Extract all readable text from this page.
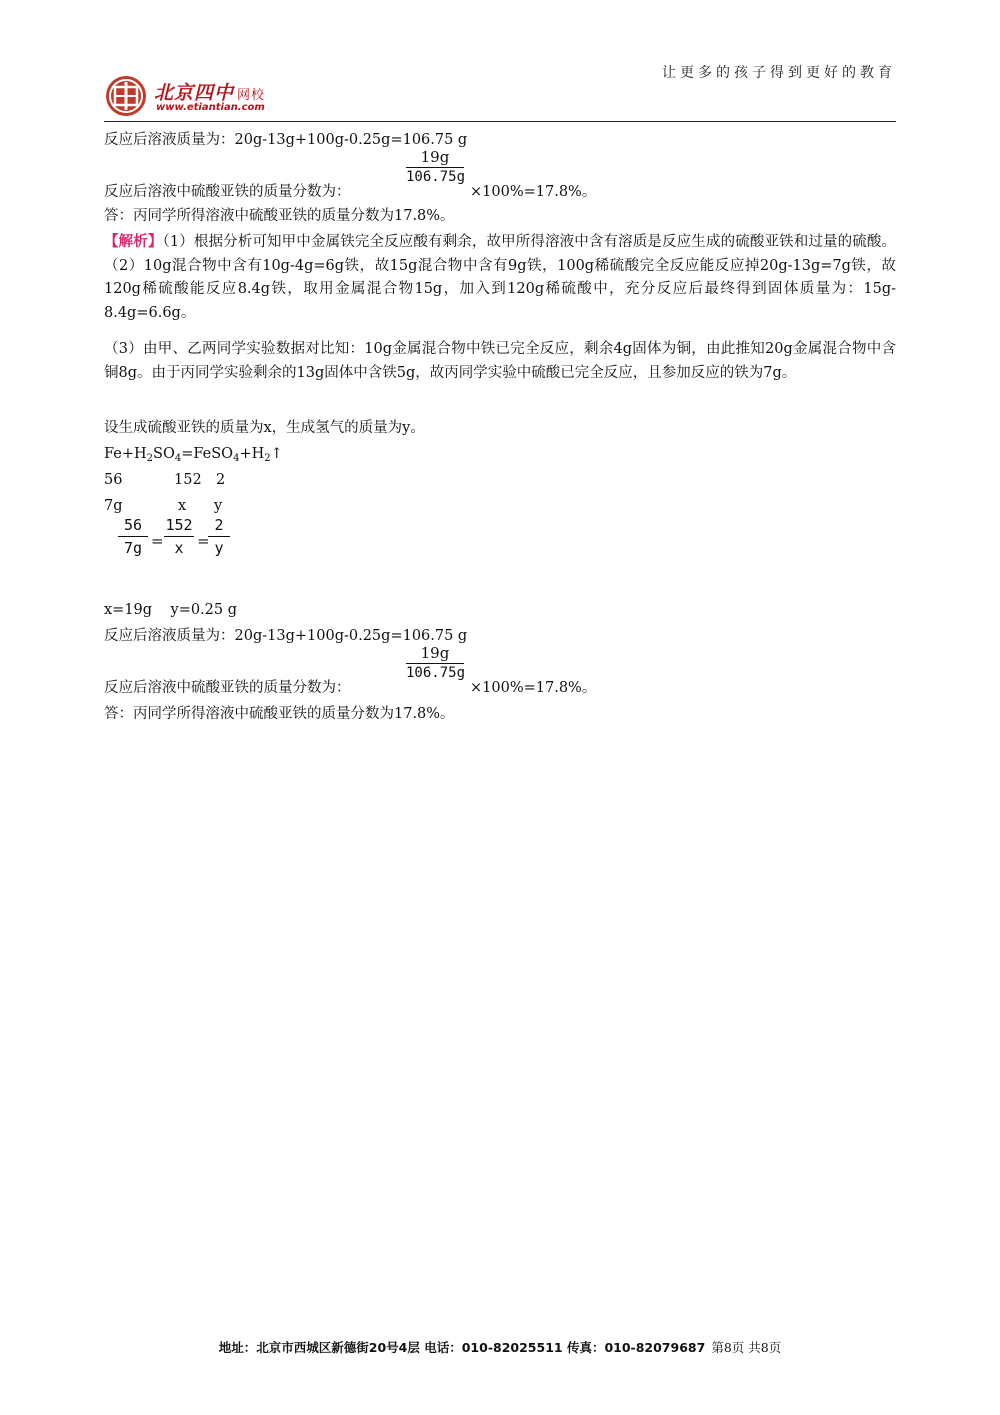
让更多的孩子得到更好的教育
北京四中 网校
www.etiantian.com
反应后溶液质量为：20g-13g+100g-0.25g=106.75 g
19g
106.75g
反应后溶液中硫酸亚铁的质量分数为：	×100%=17.8%。
答：丙同学所得溶液中硫酸亚铁的质量分数为17.8%。
【解析】（1）根据分析可知甲中金属铁完全反应酸有剩余，故甲所得溶液中含有溶质是反应生成的硫酸亚铁和过量的硫酸。（2）10g混合物中含有10g-4g=6g铁，故15g混合物中含有9g铁，100g稀硫酸完全反应能反应掉20g-13g=7g铁，故120g稀硫酸能反应8.4g铁，取用金属混合物15g，加入到120g稀硫酸中，充分反应后最终得到固体质量为：15g-8.4g=6.6g。
（3）由甲、乙两同学实验数据对比知：10g金属混合物中铁已完全反应，剩余4g固体为铜，由此推知20g金属混合物中含铜8g。由于丙同学实验剩余的13g固体中含铁5g，故丙同学实验中硫酸已完全反应，且参加反应的铁为7g。
设生成硫酸亚铁的质量为x，生成氢气的质量为y。
$Fe+H_2SO_4=FeSO_4+H_2↑$
56	152 2
7g	x y
56
7g =
152
x =
2
y
x=19g    y=0.25 g
反应后溶液质量为：20g-13g+100g-0.25g=106.75 g
19g
106.75g
反应后溶液中硫酸亚铁的质量分数为：	×100%=17.8%。
答：丙同学所得溶液中硫酸亚铁的质量分数为17.8%。
地址：北京市西城区新德街20号4层 电话：010-82025511 传真：010-82079687 第8页 共8页
